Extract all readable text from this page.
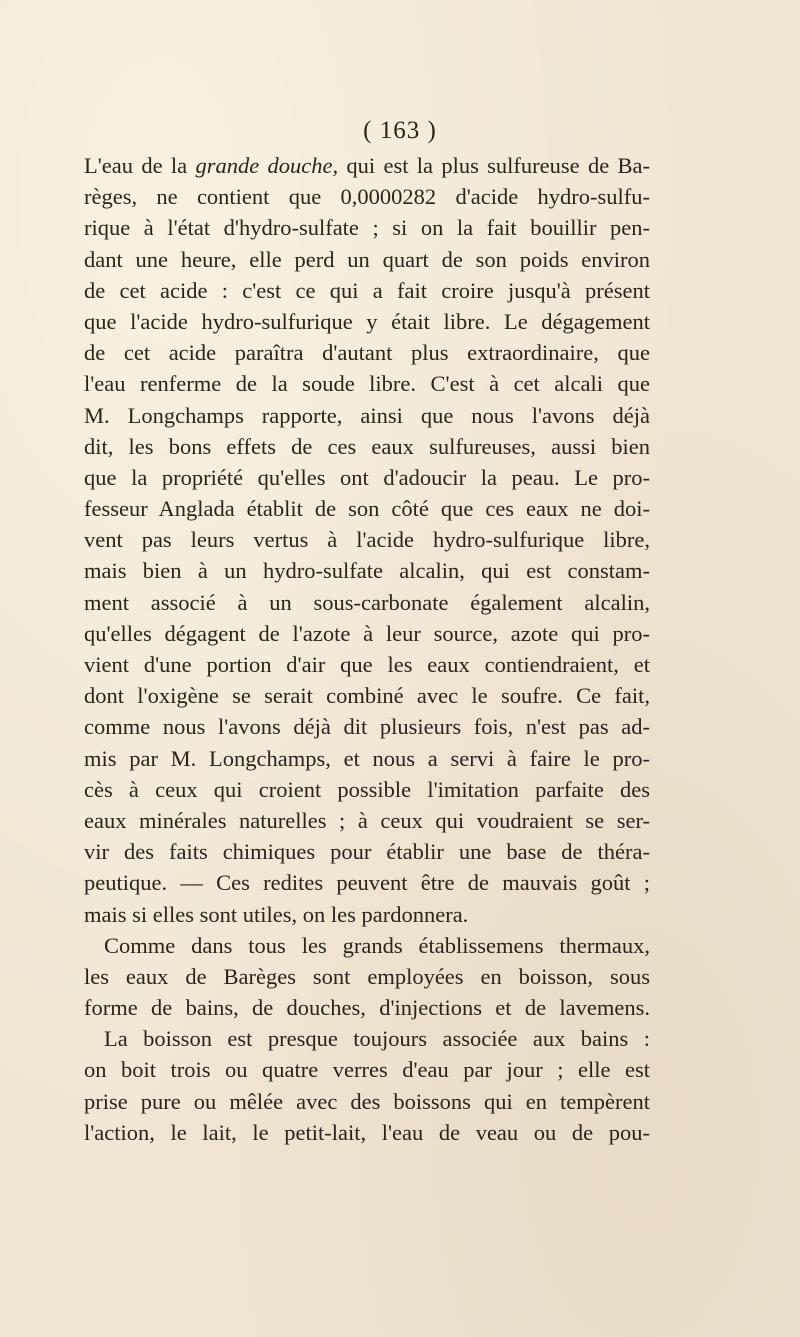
( 163 )
L'eau de la grande douche, qui est la plus sulfureuse de Ba-
règes, ne contient que 0,0000282 d'acide hydro-sulfu-
rique à l'état d'hydro-sulfate ; si on la fait bouillir pen-
dant une heure, elle perd un quart de son poids environ
de cet acide : c'est ce qui a fait croire jusqu'à présent
que l'acide hydro-sulfurique y était libre. Le dégagement
de cet acide paraîtra d'autant plus extraordinaire, que
l'eau renferme de la soude libre. C'est à cet alcali que
M. Longchamps rapporte, ainsi que nous l'avons déjà
dit, les bons effets de ces eaux sulfureuses, aussi bien
que la propriété qu'elles ont d'adoucir la peau. Le pro-
fesseur Anglada établit de son côté que ces eaux ne doi-
vent pas leurs vertus à l'acide hydro-sulfurique libre,
mais bien à un hydro-sulfate alcalin, qui est constam-
ment associé à un sous-carbonate également alcalin,
qu'elles dégagent de l'azote à leur source, azote qui pro-
vient d'une portion d'air que les eaux contiendraient, et
dont l'oxigène se serait combiné avec le soufre. Ce fait,
comme nous l'avons déjà dit plusieurs fois, n'est pas ad-
mis par M. Longchamps, et nous a servi à faire le pro-
cès à ceux qui croient possible l'imitation parfaite des
eaux minérales naturelles ; à ceux qui voudraient se ser-
vir des faits chimiques pour établir une base de théra-
peutique. — Ces redites peuvent être de mauvais goût ;
mais si elles sont utiles, on les pardonnera.
Comme dans tous les grands établissemens thermaux,
les eaux de Barèges sont employées en boisson, sous
forme de bains, de douches, d'injections et de lavemens.
La boisson est presque toujours associée aux bains :
on boit trois ou quatre verres d'eau par jour ; elle est
prise pure ou mêlée avec des boissons qui en tempèrent
l'action, le lait, le petit-lait, l'eau de veau ou de pou-
